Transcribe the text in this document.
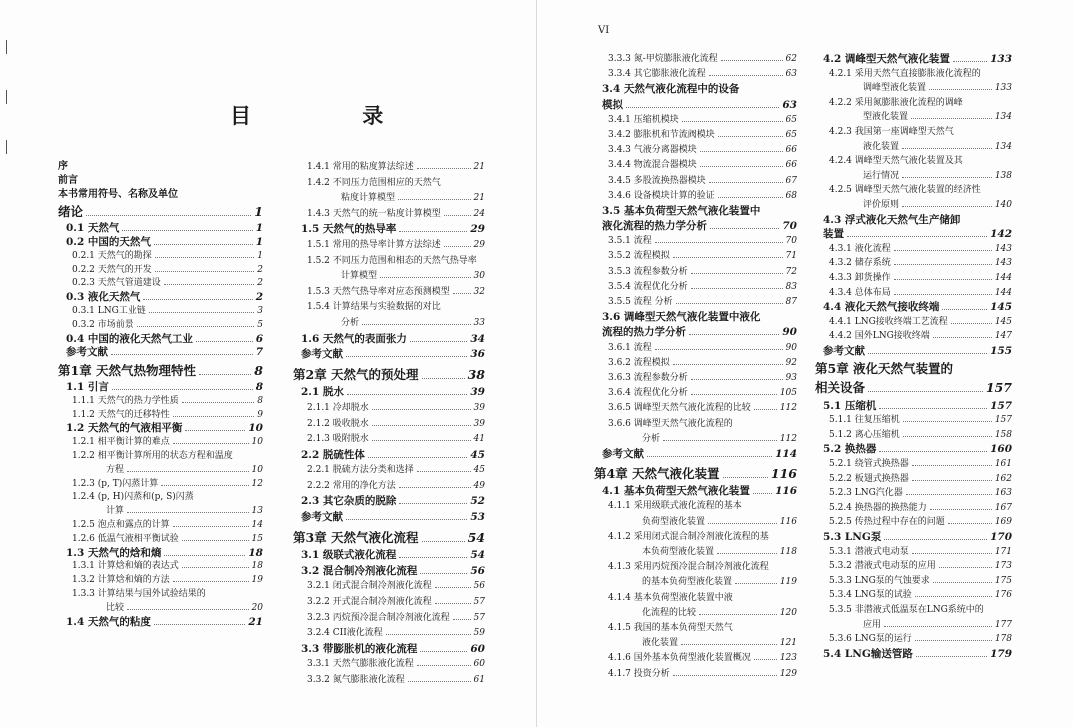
目 录
序
前言
本书常用符号、名称及单位
绪论	1
0.1 天然气	1
0.2 中国的天然气	1
0.2.1 天然气的勘探	1
0.2.2 天然气的开发	2
0.2.3 天然气管道建设	2
0.3 液化天然气	2
0.3.1 LNG工业链	3
0.3.2 市场前景	5
0.4 中国的液化天然气工业	6
参考文献	7
第1章 天然气热物理特性	8
1.1 引言	8
1.1.1 天然气的热力学性质	8
1.1.2 天然气的迁移特性	9
1.2 天然气的气液相平衡	10
1.2.1 相平衡计算的难点	10
1.2.2 相平衡计算所用的状态方程和温度
方程	10
1.2.3 (p, T)闪蒸计算	12
1.2.4 (p, H)闪蒸和(p, S)闪蒸
计算	13
1.2.5 泡点和露点的计算	14
1.2.6 低温气液相平衡试验	15
1.3 天然气的焓和熵	18
1.3.1 计算焓和熵的表达式	18
1.3.2 计算焓和熵的方法	19
1.3.3 计算结果与国外试验结果的
比较	20
1.4 天然气的粘度	21
1.4.1 常用的粘度算法综述	21
1.4.2 不同压力范围相应的天然气
粘度计算模型	21
1.4.3 天然气的统一粘度计算模型	24
1.5 天然气的热导率	29
1.5.1 常用的热导率计算方法综述	29
1.5.2 不同压力范围和相态的天然气热导率
计算模型	30
1.5.3 天然气热导率对应态预测模型	32
1.5.4 计算结果与实验数据的对比
分析	33
1.6 天然气的表面张力	34
参考文献	36
第2章 天然气的预处理	38
2.1 脱水	39
2.1.1 冷却脱水	39
2.1.2 吸收脱水	39
2.1.3 吸附脱水	41
2.2 脱硫性体	45
2.2.1 脱硫方法分类和选择	45
2.2.2 常用的净化方法	49
2.3 其它杂质的脱除	52
参考文献	53
第3章 天然气液化流程	54
3.1 级联式液化流程	54
3.2 混合制冷剂液化流程	56
3.2.1 闭式混合制冷剂液化流程	56
3.2.2 开式混合制冷剂液化流程	57
3.2.3 丙烷预冷混合制冷剂液化流程	57
3.2.4 CII液化流程	59
3.3 带膨胀机的液化流程	60
3.3.1 天然气膨胀液化流程	60
3.3.2 氮气膨胀液化流程	61
VI
3.3.3 氮-甲烷膨胀液化流程	62
3.3.4 其它膨胀液化流程	63
3.4 天然气液化流程中的设备
模拟	63
3.4.1 压缩机模块	65
3.4.2 膨胀机和节流阀模块	65
3.4.3 气液分离器模块	66
3.4.4 物流混合器模块	66
3.4.5 多股流换热器模块	67
3.4.6 设备模块计算的验证	68
3.5 基本负荷型天然气液化装置中
液化流程的热力学分析	70
3.5.1 流程	70
3.5.2 流程模拟	71
3.5.3 流程参数分析	72
3.5.4 流程优化分析	83
3.5.5 流程 分析	87
3.6 调峰型天然气液化装置中液化
流程的热力学分析	90
3.6.1 流程	90
3.6.2 流程模拟	92
3.6.3 流程参数分析	93
3.6.4 流程优化分析	105
3.6.5 调峰型天然气液化流程的比较	112
3.6.6 调峰型天然气液化流程的
分析	112
参考文献	114
第4章 天然气液化装置	116
4.1 基本负荷型天然气液化装置 116
4.1.1 采用级联式液化流程的基本
负荷型液化装置	116
4.1.2 采用闭式混合制冷剂液化流程的基
本负荷型液化装置	118
4.1.3 采用丙烷预冷混合制冷剂液化流程
的基本负荷型液化装置	119
4.1.4 基本负荷型液化装置中液
化流程的比较	120
4.1.5 我国的基本负荷型天然气
液化装置	121
4.1.6 国外基本负荷型液化装置概况	123
4.1.7 投资分析	129
4.2 调峰型天然气液化装置	133
4.2.1 采用天然气直接膨胀液化流程的
调峰型液化装置	133
4.2.2 采用氮膨胀液化流程的调峰
型液化装置	134
4.2.3 我国第一座调峰型天然气
液化装置	134
4.2.4 调峰型天然气液化装置及其
运行情况	138
4.2.5 调峰型天然气液化装置的经济性
评价原则	140
4.3 浮式液化天然气生产储卸
装置	142
4.3.1 液化流程	143
4.3.2 储存系统	143
4.3.3 卸货操作	144
4.3.4 总体布局	144
4.4 液化天然气接收终端	145
4.4.1 LNG接收终端工艺流程	145
4.4.2 国外LNG接收终端	147
参考文献	155
第5章 液化天然气装置的
相关设备	157
5.1 压缩机	157
5.1.1 往复压缩机	157
5.1.2 离心压缩机	158
5.2 换热器	160
5.2.1 绕管式换热器	161
5.2.2 板翅式换热器	162
5.2.3 LNG汽化器	163
5.2.4 换热器的换热能力	167
5.2.5 传热过程中存在的问题	169
5.3 LNG泵	170
5.3.1 潜液式电动泵	171
5.3.2 潜液式电动泵的应用	173
5.3.3 LNG泵的气蚀要求	175
5.3.4 LNG泵的试验	176
5.3.5 非潜液式低温泵在LNG系统中的
应用	177
5.3.6 LNG泵的运行	178
5.4 LNG输送管路	179
